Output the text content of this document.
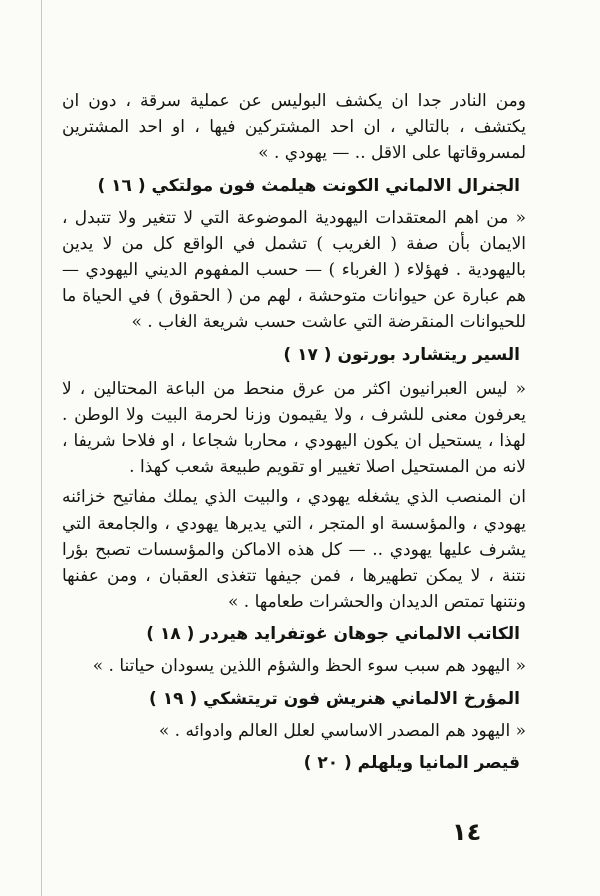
ومن النادر جدا ان يكشف البوليس عن عملية سرقة ، دون ان يكتشف ، بالتالي ، ان احد المشتركين فيها ، او احد المشترين لمسروقاتها على الاقل .. — يهودي . »

الجنرال الالماني الكونت هيلمث فون مولتكي ( ١٦ )

« من اهم المعتقدات اليهودية الموضوعة التي لا تتغير ولا تتبدل ، الايمان بأن صفة ( الغريب ) تشمل في الواقع كل من لا يدين باليهودية . فهؤلاء ( الغرباء ) — حسب المفهوم الديني اليهودي — هم عبارة عن حيوانات متوحشة ، لهم من ( الحقوق ) في الحياة ما للحيوانات المنقرضة التي عاشت حسب شريعة الغاب . »

السير ريتشارد بورتون ( ١٧ )

« ليس العبرانيون اكثر من عرق منحط من الباعة المحتالين ، لا يعرفون معنى للشرف ، ولا يقيمون وزنا لحرمة البيت ولا الوطن . لهذا ، يستحيل ان يكون اليهودي ، محاربا شجاعا ، او فلاحا شريفا ، لانه من المستحيل اصلا تغيير او تقويم طبيعة شعب كهذا .

ان المنصب الذي يشغله يهودي ، والبيت الذي يملك مفاتيح خزائنه يهودي ، والمؤسسة او المتجر ، التي يديرها يهودي ، والجامعة التي يشرف عليها يهودي .. — كل هذه الاماكن والمؤسسات تصبح بؤرا نتنة ، لا يمكن تطهيرها ، فمن جيفها تتغذى العقبان ، ومن عفنها ونتنها تمتص الديدان والحشرات طعامها . »

الكاتب الالماني جوهان غوتفرايد هيردر ( ١٨ )

« اليهود هم سبب سوء الحظ والشؤم اللذين يسودان حياتنا . »

المؤرخ الالماني هنريش فون تريتشكي ( ١٩ )

« اليهود هم المصدر الاساسي لعلل العالم وادوائه . »

قيصر المانيا ويلهلم ( ٢٠ )
١٤
